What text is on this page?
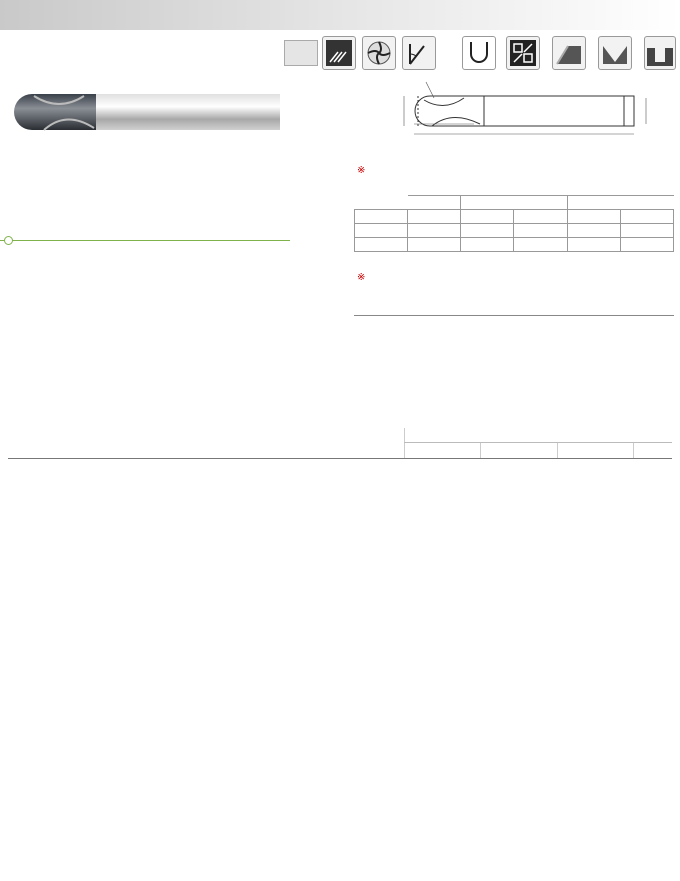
※

※
